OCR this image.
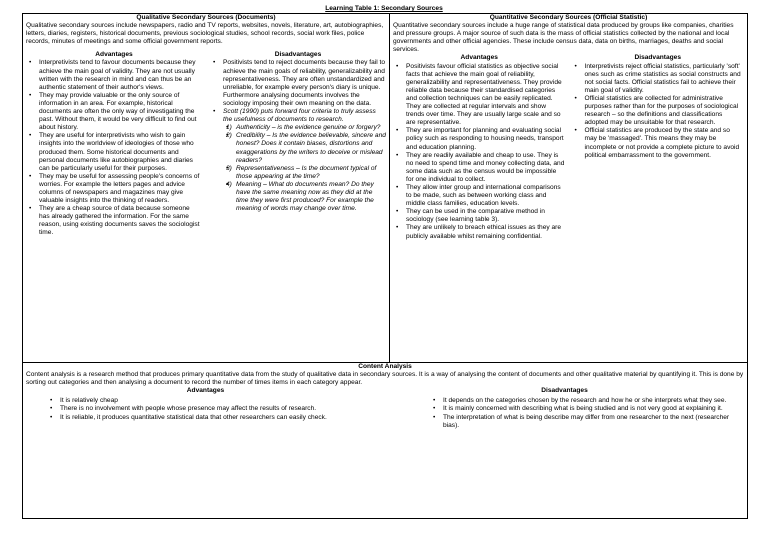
Learning Table 1: Secondary Sources
Qualitative Secondary Sources (Documents)

Qualitative secondary sources include newspapers, radio and TV reports, websites, novels, literature, art, autobiographies, letters, diaries, registers, historical documents, previous sociological studies, school records, social work files, police records, minutes of meetings and some official government reports.

Advantages

• Interpretivists tend to favour documents because they achieve the main goal of validity. They are not usually written with the research in mind and can thus be an authentic statement of their author's views.
• They may provide valuable or the only source of information in an area. For example, historical documents are often the only way of investigating the past. Without them, it would be very difficult to find out about history.
• They are useful for interpretivists who wish to gain insights into the worldview of ideologies of those who produced them. Some historical documents and personal documents like autobiographies and diaries can be particularly useful for their purposes.
• They may be useful for assessing people's concerns of worries. For example the letters pages and advice columns of newspapers and magazines may give valuable insights into the thinking of readers.
• They are a cheap source of data because someone has already gathered the information. For the same reason, using existing documents saves the sociologist time.

Disadvantages

• Positivists tend to reject documents because they fail to achieve the main goals of reliability, generalizability and representativeness. They are often unstandardized and unreliable, for example every person's diary is unique. Furthermore analysing documents involves the sociology imposing their own meaning on the data.
• Scott (1990) puts forward four criteria to truly assess the usefulness of documents to research.
• 1) Authenticity – is the evidence genuine or forgery?
• 2) Credibility – Is the evidence believable, sincere and honest? Does it contain biases, distortions and exaggerations by the writers to deceive or mislead readers?
• 3) Representativeness – Is the document typical of those appearing at the time?
• 4) Meaning – What do documents mean? Do they have the same meaning now as they did at the time they were first produced? For example the meaning of words may change over time.

Quantitative Secondary Sources (Official Statistic)

Quantitative secondary sources include a huge range of statistical data produced by groups like companies, charities and pressure groups. A major source of such data is the mass of official statistics collected by the national and local governments and other official agencies. These include census data, data on births, marriages, deaths and social services.

Advantages

• Positivists favour official statistics as objective social facts that achieve the main goal of reliability, generalizability and representativeness. They provide reliable data because their standardised categories and collection techniques can be easily replicated. They are collected at regular intervals and show trends over time. They are usually large scale and so are representative.
• They are important for planning and evaluating social policy such as responding to housing needs, transport and education planning.
• They are readily available and cheap to use. They is no need to spend time and money collecting data, and some data such as the census would be impossible for one individual to collect.
• They allow inter group and international comparisons to be made, such as between working class and middle class families, education levels.
• They can be used in the comparative method in sociology (see learning table 3).
• They are unlikely to breach ethical issues as they are publicly available whilst remaining confidential.

Disadvantages

• Interpretivists reject official statistics, particularly 'soft' ones such as crime statistics as social constructs and not social facts. Official statistics fail to achieve their main goal of validity.
• Official statistics are collected for administrative purposes rather than for the purposes of sociological research – so the definitions and classifications adopted may be unsuitable for that research.
• Official statistics are produced by the state and so may be 'massaged'. This means they may be incomplete or not provide a complete picture to avoid political embarrassment to the government.

Content Analysis

Content analysis is a research method that produces primary quantitative data from the study of qualitative data in secondary sources. It is a way of analysing the content of documents and other qualitative material by quantifying it. This is done by sorting out categories and then analysing a document to record the number of times items in each category appear.

Advantages

• It is relatively cheap
• There is no involvement with people whose presence may affect the results of research.
• It is reliable, it produces quantitative statistical data that other researchers can easily check.

Disadvantages

• It depends on the categories chosen by the research and how he or she interprets what they see.
• It is mainly concerned with describing what is being studied and is not very good at explaining it.
• The interpretation of what is being describe may differ from one researcher to the next (researcher bias).
